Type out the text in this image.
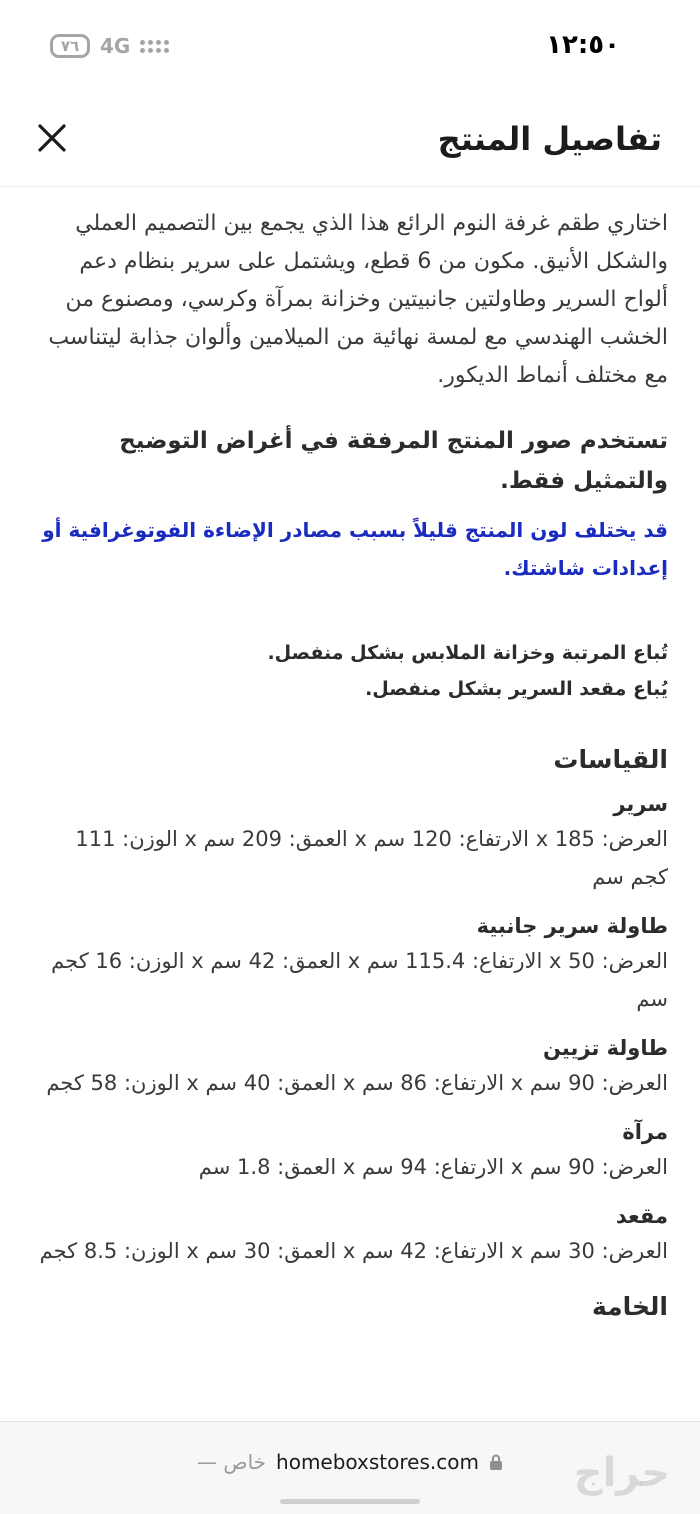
٧٦	4G	١٢:٥٠
تفاصيل المنتج

اختاري طقم غرفة النوم الرائع هذا الذي يجمع بين التصميم العملي والشكل الأنيق. مكون من 6 قطع، ويشتمل على سرير بنظام دعم ألواح السرير وطاولتين جانبيتين وخزانة بمرآة وكرسي، ومصنوع من الخشب الهندسي مع لمسة نهائية من الميلامين وألوان جذابة ليتناسب مع مختلف أنماط الديكور.

تستخدم صور المنتج المرفقة في أغراض التوضيح والتمثيل فقط.

قد يختلف لون المنتج قليلاً بسبب مصادر الإضاءة الفوتوغرافية أو إعدادات شاشتك.

تُباع المرتبة وخزانة الملابس بشكل منفصل.
يُباع مقعد السرير بشكل منفصل.
القياسات
سرير
العرض: 185 x الارتفاع: 120 سم x العمق: 209 سم x الوزن: 111 كجم سم
طاولة سرير جانبية
العرض: 50 x الارتفاع: 115.4 سم x العمق: 42 سم x الوزن: 16 كجم سم
طاولة تزيين
العرض: 90 سم x الارتفاع: 86 سم x العمق: 40 سم x الوزن: 58 كجم
مرآة
العرض: 90 سم x الارتفاع: 94 سم x العمق: 1.8 سم
مقعد
العرض: 30 سم x الارتفاع: 42 سم x العمق: 30 سم x الوزن: 8.5 كجم
الخامة
— خاص homeboxstores.com حراج
